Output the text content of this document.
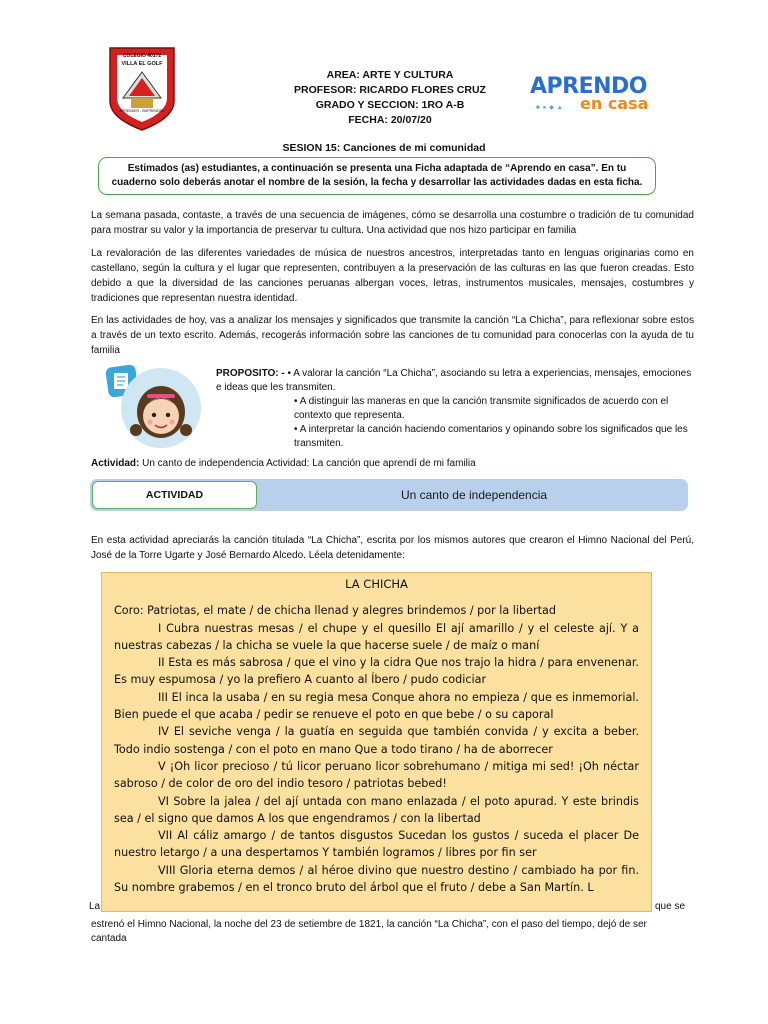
COLEGIO 40172
VILLA EL GOLF
APRENDER - EMPRENDER
AREA: ARTE Y CULTURA
PROFESOR: RICARDO FLORES CRUZ
GRADO Y SECCION: 1RO A-B
FECHA: 20/07/20
APRENDO
en casa
■●◆▲
SESION 15: Canciones de mi comunidad
Estimados (as) estudiantes, a continuación se presenta una Ficha adaptada de “Aprendo en casa”. En tu
cuaderno solo deberás anotar el nombre de la sesión, la fecha y desarrollar las actividades dadas en esta ficha.
La semana pasada, contaste, a través de una secuencia de imágenes, cómo se desarrolla una costumbre o tradición de tu comunidad para mostrar su valor y la importancia de preservar tu cultura. Una actividad que nos hizo participar en familia
La revaloración de las diferentes variedades de música de nuestros ancestros, interpretadas tanto en lenguas originarias como en castellano, según la cultura y el lugar que representen, contribuyen a la preservación de las culturas en las que fueron creadas. Esto debido a que la diversidad de las canciones peruanas albergan voces, letras, instrumentos musicales, mensajes, costumbres y tradiciones que representan nuestra identidad.
En las actividades de hoy, vas a analizar los mensajes y significados que transmite la canción “La Chicha”, para reflexionar sobre estos a través de un texto escrito. Además, recogerás información sobre las canciones de tu comunidad para conocerlas con la ayuda de tu familia
PROPOSITO: - • A valorar la canción “La Chicha”, asociando su letra a experiencias, mensajes, emociones e ideas que les transmiten.
• A distinguir las maneras en que la canción transmite significados de acuerdo con el contexto que representa.
• A interpretar la canción haciendo comentarios y opinando sobre los significados que les transmiten.
Actividad: Un canto de independencia Actividad: La canción que aprendí de mi familia
ACTIVIDAD	Un canto de independencia
En esta actividad apreciarás la canción titulada “La Chicha”, escrita por los mismos autores que crearon el Himno Nacional del Perú, José de la Torre Ugarte y José Bernardo Alcedo. Léela detenidamente:
LA CHICHA
Coro: Patriotas, el mate / de chicha llenad y alegres brindemos / por la libertad
I Cubra nuestras mesas / el chupe y el quesillo El ají amarillo / y el celeste ají. Y a nuestras cabezas / la chicha se vuele la que hacerse suele / de maíz o maní
II Esta es más sabrosa / que el vino y la cidra Que nos trajo la hidra / para envenenar. Es muy espumosa / yo la prefiero A cuanto al Íbero / pudo codiciar
III El inca la usaba / en su regia mesa Conque ahora no empieza / que es inmemorial. Bien puede el que acaba / pedir se renueve el poto en que bebe / o su caporal
IV El seviche venga / la guatía en seguida que también convida / y excita a beber. Todo indio sostenga / con el poto en mano Que a todo tirano / ha de aborrecer
V ¡Oh licor precioso / tú licor peruano licor sobrehumano / mitiga mi sed! ¡Oh néctar sabroso / de color de oro del indio tesoro / patriotas bebed!
VI Sobre la jalea / del ají untada con mano enlazada / el poto apurad. Y este brindis sea / el signo que damos A los que engendramos / con la libertad
VII Al cáliz amargo / de tantos disgustos Sucedan los gustos / suceda el placer De nuestro letargo / a una despertamos Y también logramos / libres por fin ser
VIII Gloria eterna demos / al héroe divino que nuestro destino / cambiado ha por fin. Su nombre grabemos / en el tronco bruto del árbol que el fruto / debe a San Martín. L
La	que se
estrenó el Himno Nacional, la noche del 23 de setiembre de 1821, la canción “La Chicha”, con el paso del tiempo, dejó de ser
cantada
